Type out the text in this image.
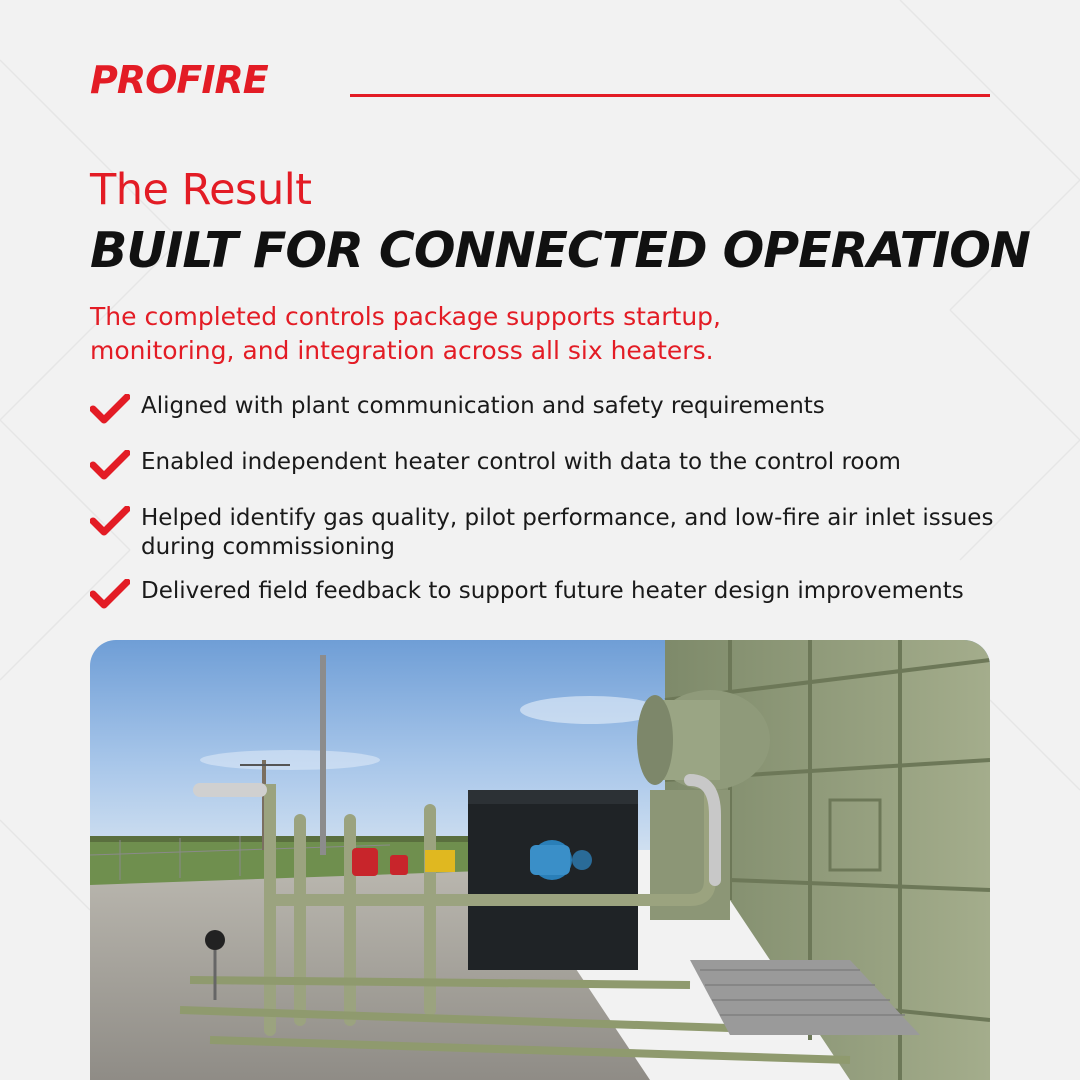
PROFIRE
The Result
BUILT FOR CONNECTED OPERATION

The completed controls package supports startup,
monitoring, and integration across all six heaters.

Aligned with plant communication and safety requirements
Enabled independent heater control with data to the control room
Helped identify gas quality, pilot performance, and low-fire air inlet issues during commissioning
Delivered field feedback to support future heater design improvements
